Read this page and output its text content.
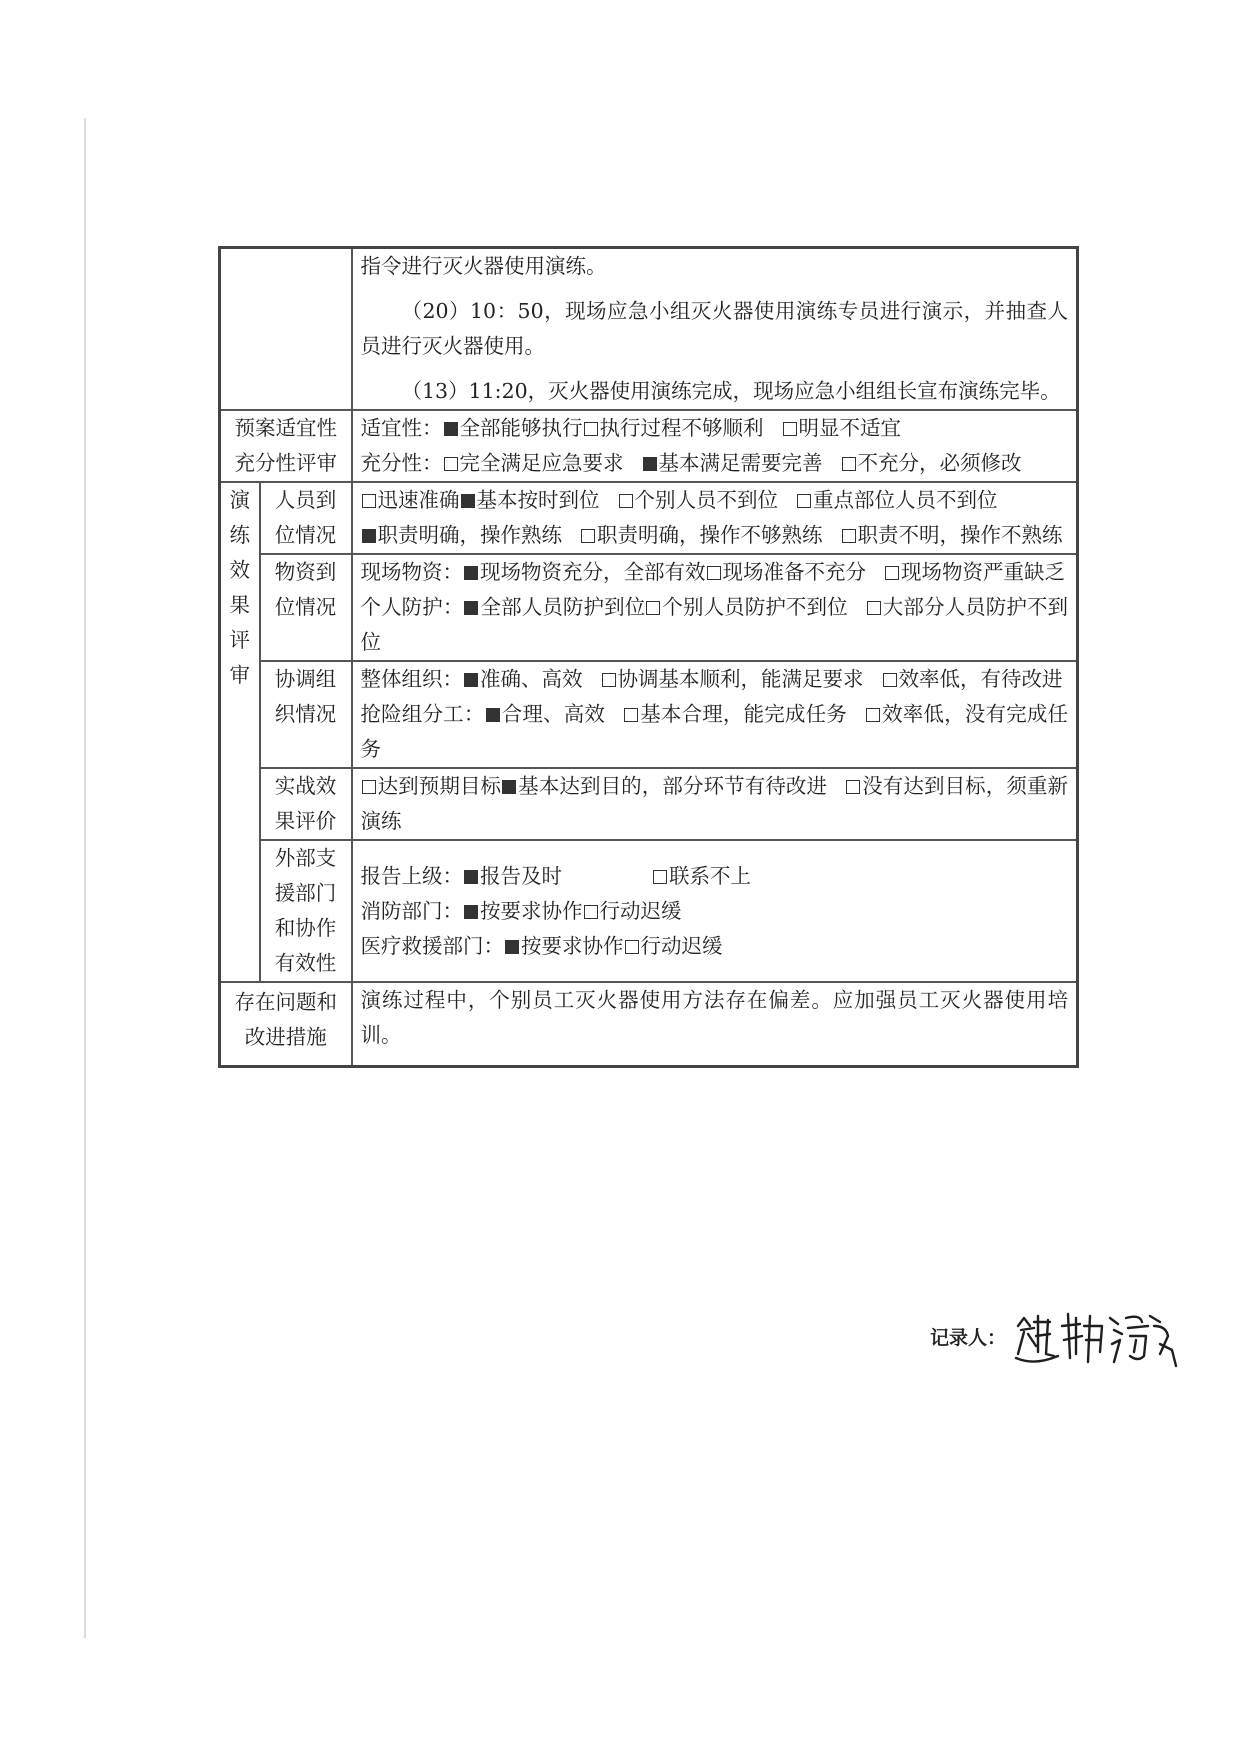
		指令进行灭火器使用演练。

（20）10：50，现场应急小组灭火器使用演练专员进行演示，并抽查人员进行灭火器使用。

（13）11:20，灭火器使用演练完成，现场应急小组组长宣布演练完毕。

预案适宜性充分性评审		适宜性： 全部能够执行 执行过程不够顺利 明显不适宜

充分性： 完全满足应急要求 基本满足需要完善 不充分，必须修改

演练效果评审	人员到位情况	迅速准确 基本按时到位 个别人员不到位 重点部位人员不到位

职责明确，操作熟练 职责明确，操作不够熟练 职责不明，操作不熟练

	物资到位情况	现场物资： 现场物资充分，全部有效 现场准备不充分 现场物资严重缺乏

个人防护： 全部人员防护到位 个别人员防护不到位 大部分人员防护不到位

	协调组织情况	整体组织： 准确、高效 协调基本顺利，能满足要求 效率低，有待改进

抢险组分工： 合理、高效 基本合理，能完成任务 效率低，没有完成任务

	实战效果评价	达到预期目标 基本达到目的，部分环节有待改进 没有达到目标，须重新演练

	外部支援部门和协作有效性	报告上级： 报告及时 联系不上

消防部门： 按要求协作 行动迟缓

医疗救援部门： 按要求协作 行动迟缓

存在问题和改进措施		演练过程中，个别员工灭火器使用方法存在偏差。应加强员工灭火器使用培训。

记录人：
